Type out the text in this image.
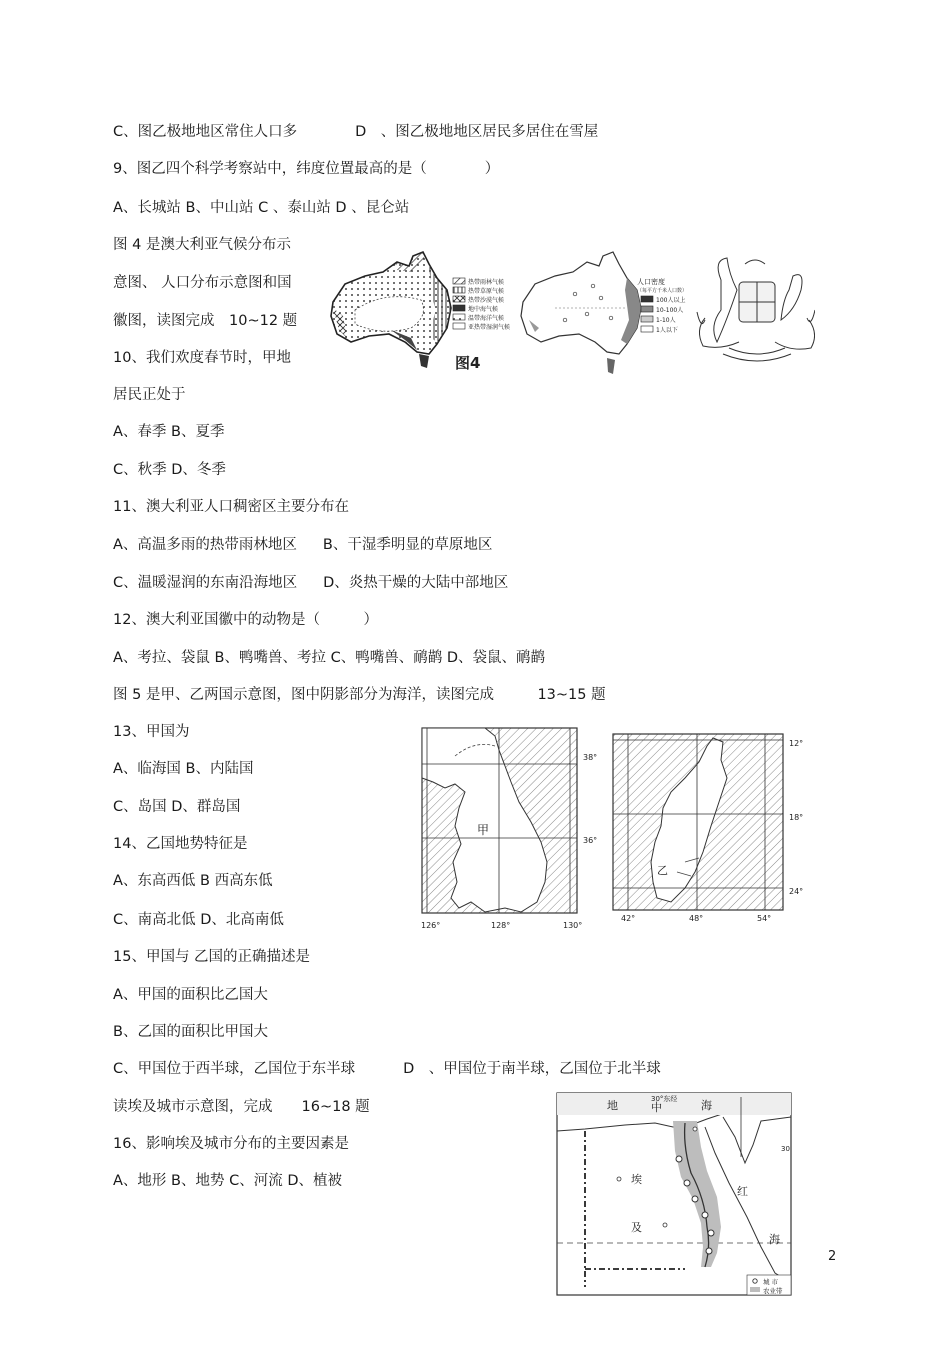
C、图乙极地地区常住人口多	D　、图乙极地地区居民多居住在雪屋
9、图乙四个科学考察站中，纬度位置最高的是（　　　　）
A、长城站 B、中山站 C 、泰山站 D 、昆仑站
图 4 是澳大利亚气候分布示
意图、 人口分布示意图和国
徽图，读图完成　10~12 题
10、我们欢度春节时，甲地
居民正处于
A、春季 B、夏季
C、秋季 D、冬季
11、澳大利亚人口稠密区主要分布在
A、高温多雨的热带雨林地区 B、干湿季明显的草原地区
C、温暖湿润的东南沿海地区 D、炎热干燥的大陆中部地区
12、澳大利亚国徽中的动物是（　　　）
A、考拉、袋鼠 B、鸭嘴兽、考拉 C、鸭嘴兽、鸸鹋 D、袋鼠、鸸鹋
图 5 是甲、乙两国示意图，图中阴影部分为海洋，读图完成　　　13~15 题
13、甲国为
A、临海国 B、内陆国
C、岛国 D、群岛国
14、乙国地势特征是
A、东高西低 B 西高东低
C、南高北低 D、北高南低
15、甲国与 乙国的正确描述是
A、甲国的面积比乙国大
B、乙国的面积比甲国大
C、甲国位于西半球，乙国位于东半球	D　、甲国位于南半球，乙国位于北半球
读埃及城市示意图，完成　　16~18 题
16、影响埃及城市分布的主要因素是
A、地形 B、地势 C、河流 D、植被
热带雨林气候
热带草原气候
热带沙漠气候
地中海气候
温带海洋气候
亚热带湿润气候
图4
人口密度
（每平方千米人口数）
100人以上
10-100人
1-10人
1人以下
甲
38°
36°
126°	128°	130°
乙
12°
18°
24°
42°	48°	54°
30°东经
地	中	海
埃
及
红
海
30
城 市
农业带
2
